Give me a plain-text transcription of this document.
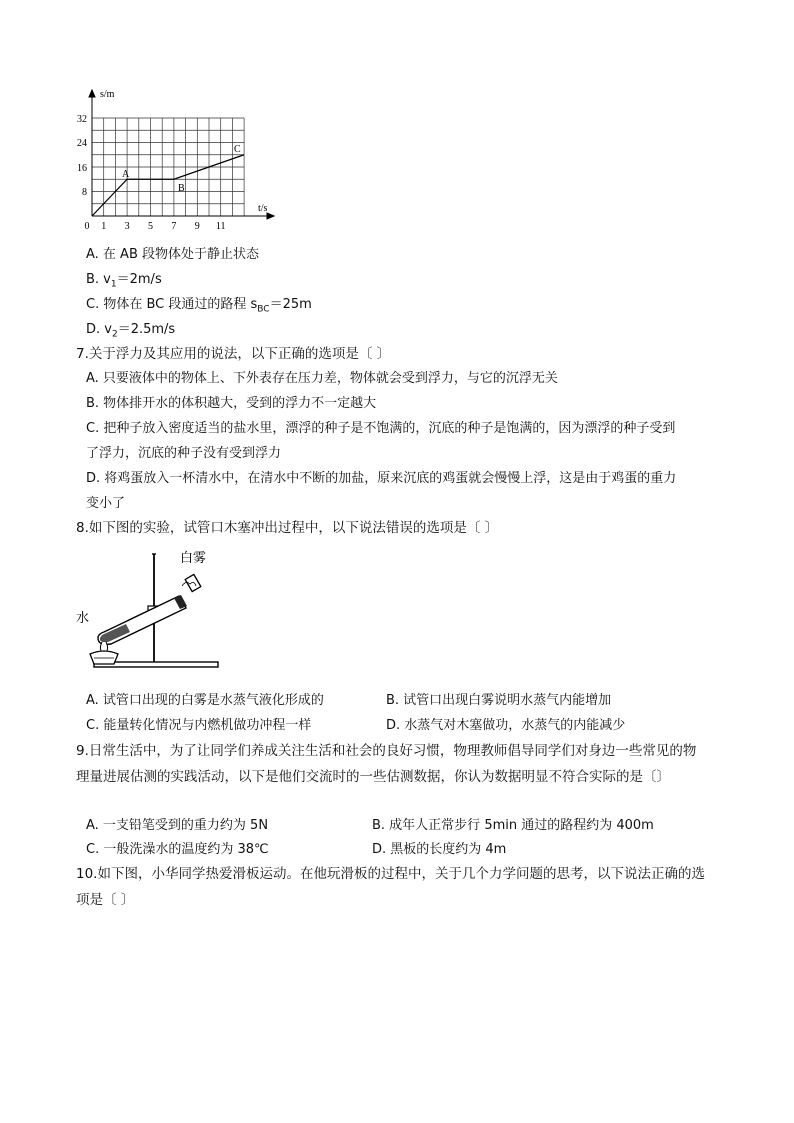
s/m
t/s
0
8
16
24
32
1 3 5 7 9 11
A
B
C
A. 在 AB 段物体处于静止状态
B. $v_1=2m/s$
C. 物体在 BC 段通过的路程 $s_{BC}=25m$
D. $v_2=2.5m/s$
7.关于浮力及其应用的说法，以下正确的选项是〔 〕
A. 只要液体中的物体上、下外表存在压力差，物体就会受到浮力，与它的沉浮无关
B. 物体排开水的体积越大，受到的浮力不一定越大
C. 把种子放入密度适当的盐水里，漂浮的种子是不饱满的，沉底的种子是饱满的，因为漂浮的种子受到
了浮力，沉底的种子没有受到浮力
D. 将鸡蛋放入一杯清水中，在清水中不断的加盐，原来沉底的鸡蛋就会慢慢上浮，这是由于鸡蛋的重力
变小了
8.如下图的实验，试管口木塞冲出过程中，以下说法错误的选项是〔 〕
白雾
水
A. 试管口出现的白雾是水蒸气液化形成的	B. 试管口出现白雾说明水蒸气内能增加
C. 能量转化情况与内燃机做功冲程一样	D. 水蒸气对木塞做功，水蒸气的内能减少
9.日常生活中，为了让同学们养成关注生活和社会的良好习惯，物理教师倡导同学们对身边一些常见的物
理量进展估测的实践活动，以下是他们交流时的一些估测数据，你认为数据明显不符合实际的是〔〕
A. 一支铅笔受到的重力约为 5N	B. 成年人正常步行 5min 通过的路程约为 400m
C. 一般洗澡水的温度约为 38℃	D. 黑板的长度约为 4m
10.如下图，小华同学热爱滑板运动。在他玩滑板的过程中，关于几个力学问题的思考，以下说法正确的选
项是〔 〕
